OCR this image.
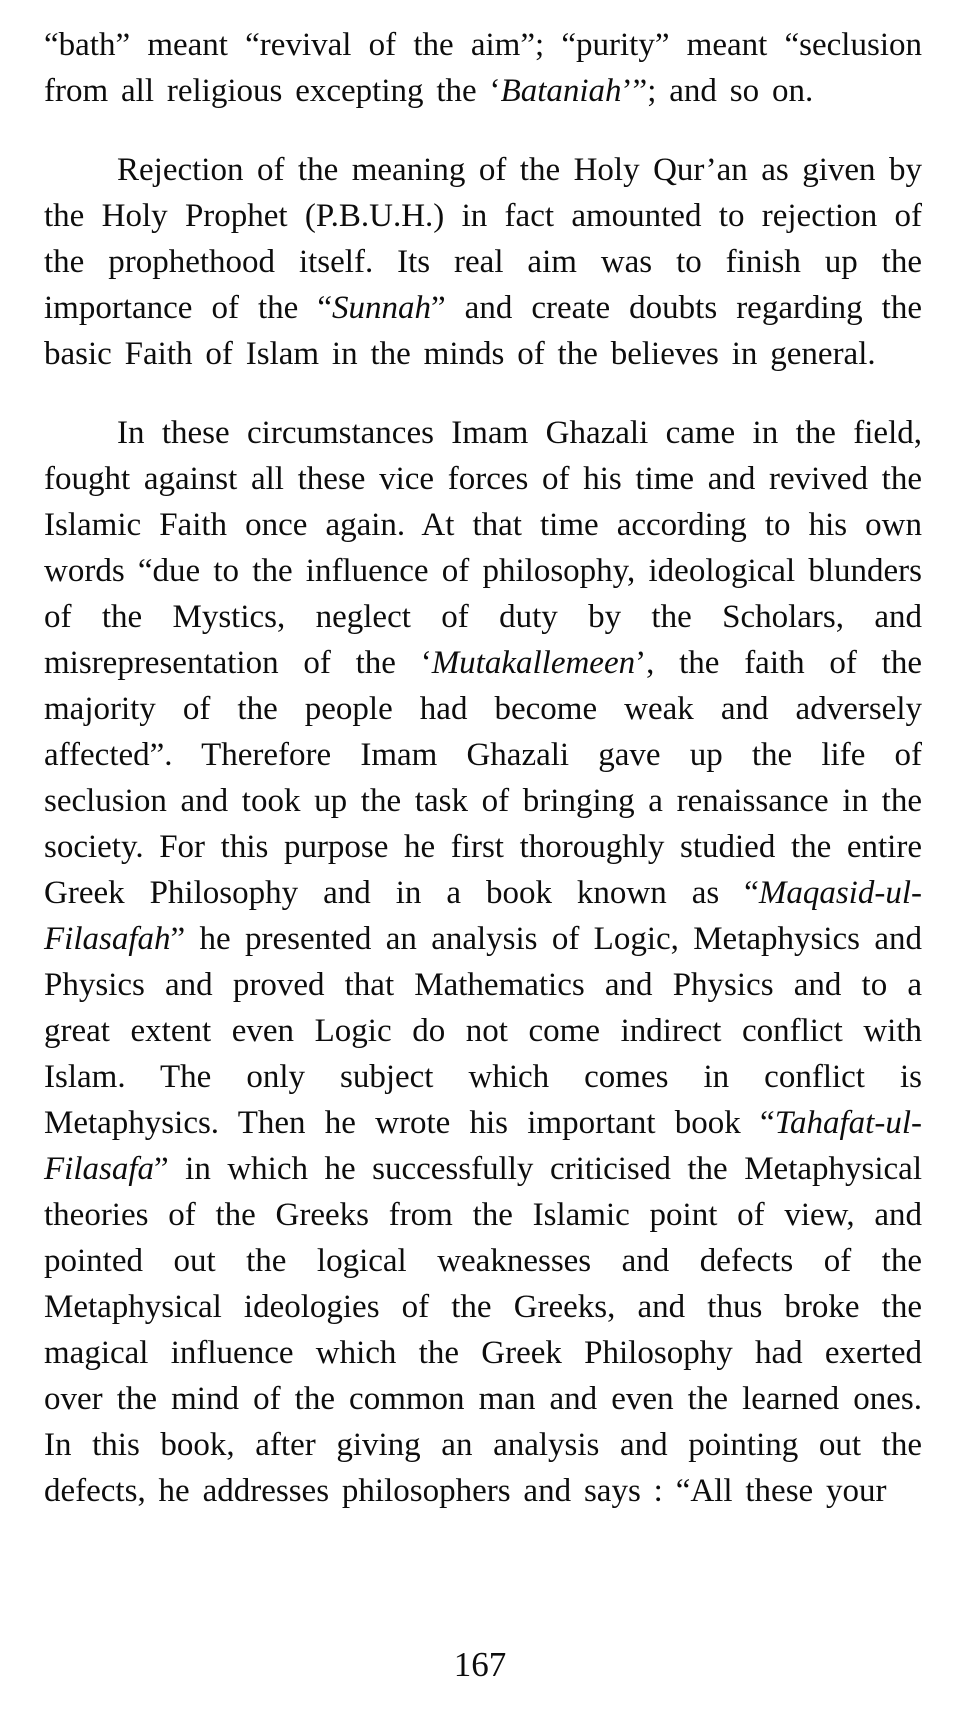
“bath” meant “revival of the aim”; “purity” meant “seclusion from all religious excepting the ‘Bataniah’”; and so on.

Rejection of the meaning of the Holy Qur’an as given by the Holy Prophet (P.B.U.H.) in fact amounted to rejection of the prophethood itself. Its real aim was to finish up the importance of the “Sunnah” and create doubts regarding the basic Faith of Islam in the minds of the believes in general.

In these circumstances Imam Ghazali came in the field, fought against all these vice forces of his time and revived the Islamic Faith once again. At that time according to his own words “due to the influence of philosophy, ideological blunders of the Mystics, neglect of duty by the Scholars, and misrepresentation of the ‘Mutakallemeen’, the faith of the majority of the people had become weak and adversely affected”. Therefore Imam Ghazali gave up the life of seclusion and took up the task of bringing a renaissance in the society. For this purpose he first thoroughly studied the entire Greek Philosophy and in a book known as “Maqasid-ul-Filasafah” he presented an analysis of Logic, Metaphysics and Physics and proved that Mathematics and Physics and to a great extent even Logic do not come indirect conflict with Islam. The only subject which comes in conflict is Metaphysics. Then he wrote his important book “Tahafat-ul-Filasafa” in which he successfully criticised the Metaphysical theories of the Greeks from the Islamic point of view, and pointed out the logical weaknesses and defects of the Metaphysical ideologies of the Greeks, and thus broke the magical influence which the Greek Philosophy had exerted over the mind of the common man and even the learned ones. In this book, after giving an analysis and pointing out the defects, he addresses philosophers and says : “All these your

167
